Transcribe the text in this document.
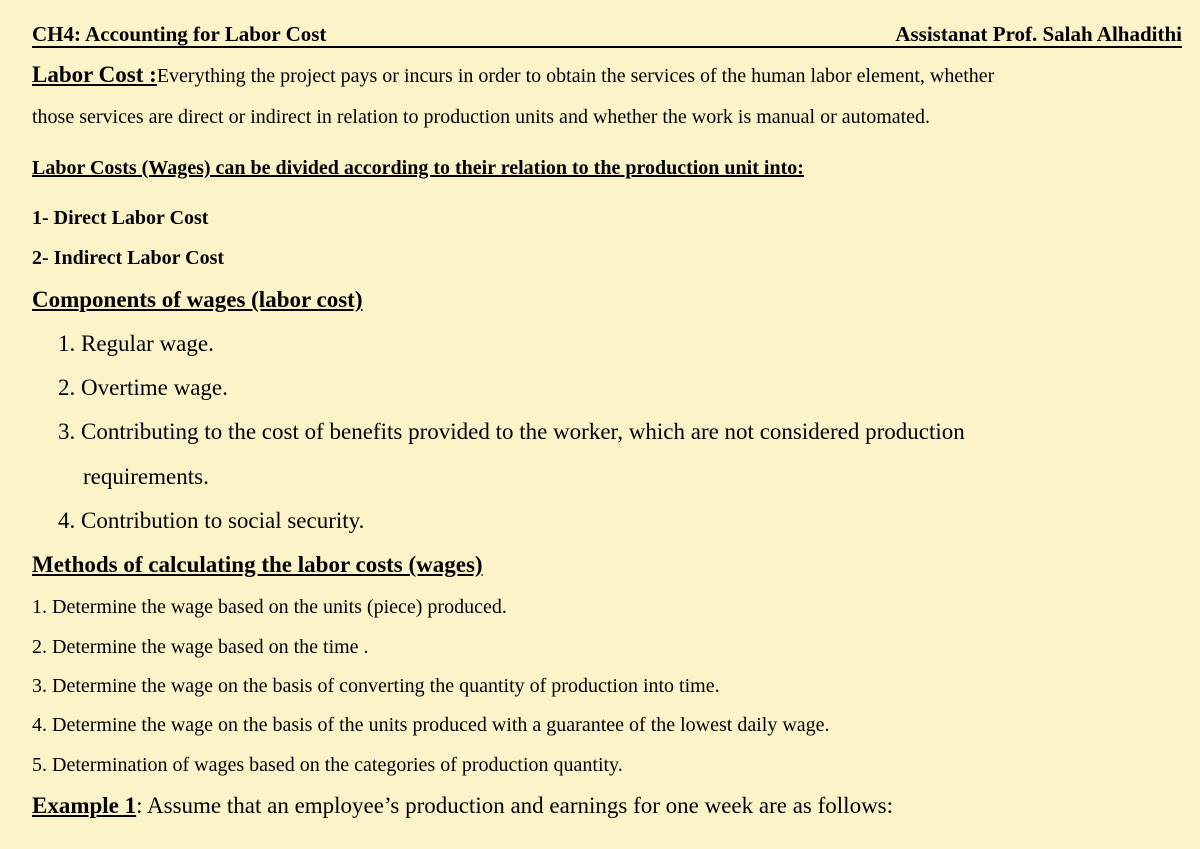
CH4: Accounting for Labor Cost	Assistanat Prof. Salah Alhadithi
Labor Cost :Everything the project pays or incurs in order to obtain the services of the human labor element, whether
those services are direct or indirect in relation to production units and whether the work is manual or automated.
Labor Costs (Wages) can be divided according to their relation to the production unit into:
1- Direct Labor Cost
2- Indirect Labor Cost
Components of wages (labor cost)
1. Regular wage.
2. Overtime wage.
3. Contributing to the cost of benefits provided to the worker, which are not considered production
requirements.
4. Contribution to social security.
Methods of calculating the labor costs (wages)
1. Determine the wage based on the units (piece) produced.
2. Determine the wage based on the time .
3. Determine the wage on the basis of converting the quantity of production into time.
4. Determine the wage on the basis of the units produced with a guarantee of the lowest daily wage.
5. Determination of wages based on the categories of production quantity.
Example 1: Assume that an employee’s production and earnings for one week are as follows:
